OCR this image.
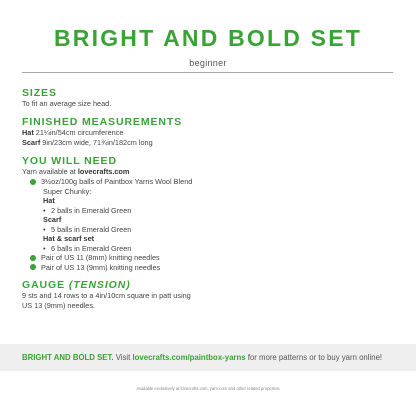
BRIGHT AND BOLD SET
beginner
SIZES
To fit an average size head.
FINISHED MEASUREMENTS
Hat 21¼in/54cm circumference
Scarf 9in/23cm wide, 71¾in/182cm long
YOU WILL NEED
Yarn available at lovecrafts.com
3½oz/100g balls of Paintbox Yarns Wool Blend
Super Chunky:
Hat
• 2 balls in Emerald Green
Scarf
• 5 balls in Emerald Green
Hat & scarf set
• 6 balls in Emerald Green
Pair of US 11 (8mm) knitting needles
Pair of US 13 (9mm) knitting needles
GAUGE (TENSION)
9 sts and 14 rows to a 4in/10cm square in patt using
US 13 (9mm) needles.
BRIGHT AND BOLD SET. Visit lovecrafts.com/paintbox-yarns for more patterns or to buy yarn online!
Available exclusively at lovecrafts.com, yarn.com and other related properties
